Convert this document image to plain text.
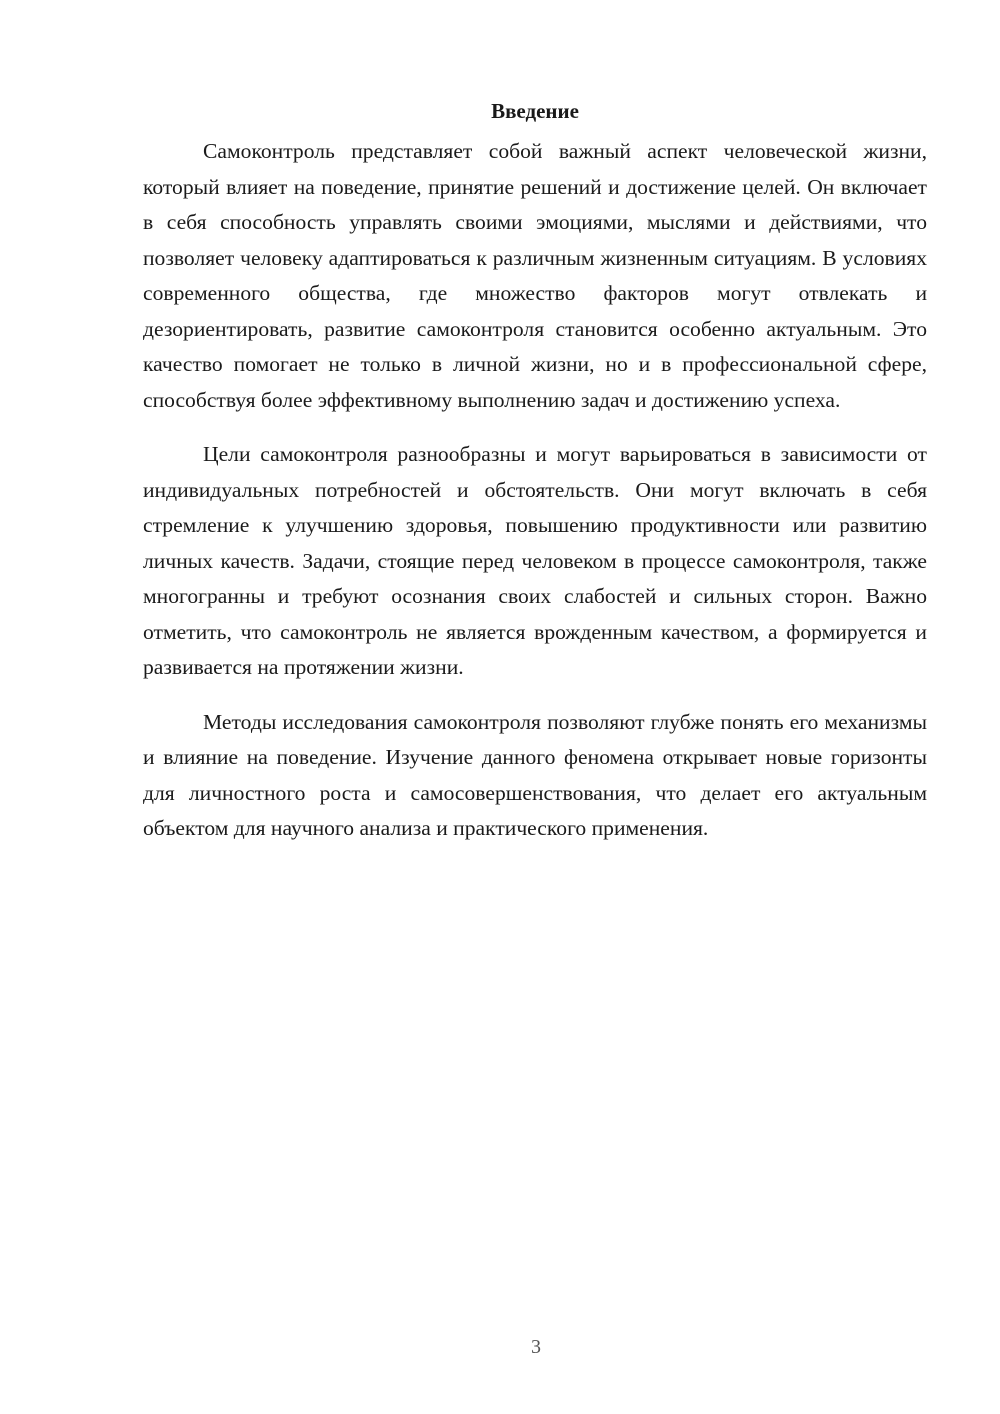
Введение

Самоконтроль представляет собой важный аспект человеческой жизни, который влияет на поведение, принятие решений и достижение целей. Он включает в себя способность управлять своими эмоциями, мыслями и действиями, что позволяет человеку адаптироваться к различным жизненным ситуациям. В условиях современного общества, где множество факторов могут отвлекать и дезориентировать, развитие самоконтроля становится особенно актуальным. Это качество помогает не только в личной жизни, но и в профессиональной сфере, способствуя более эффективному выполнению задач и достижению успеха.

Цели самоконтроля разнообразны и могут варьироваться в зависимости от индивидуальных потребностей и обстоятельств. Они могут включать в себя стремление к улучшению здоровья, повышению продуктивности или развитию личных качеств. Задачи, стоящие перед человеком в процессе самоконтроля, также многогранны и требуют осознания своих слабостей и сильных сторон. Важно отметить, что самоконтроль не является врожденным качеством, а формируется и развивается на протяжении жизни.

Методы исследования самоконтроля позволяют глубже понять его механизмы и влияние на поведение. Изучение данного феномена открывает новые горизонты для личностного роста и самосовершенствования, что делает его актуальным объектом для научного анализа и практического применения.

3
